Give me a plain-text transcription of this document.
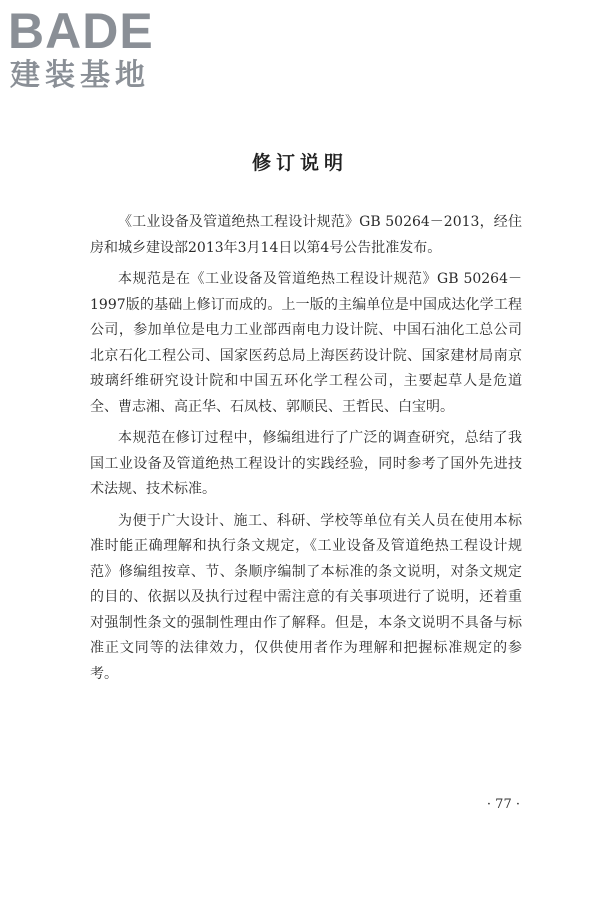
BADE
建装基地
修订说明

《工业设备及管道绝热工程设计规范》GB 50264－2013，经住房和城乡建设部2013年3月14日以第4号公告批准发布。

本规范是在《工业设备及管道绝热工程设计规范》GB 50264－1997版的基础上修订而成的。上一版的主编单位是中国成达化学工程公司，参加单位是电力工业部西南电力设计院、中国石油化工总公司北京石化工程公司、国家医药总局上海医药设计院、国家建材局南京玻璃纤维研究设计院和中国五环化学工程公司，主要起草人是危道全、曹志湘、高正华、石凤枝、郭顺民、王哲民、白宝明。

本规范在修订过程中，修编组进行了广泛的调查研究，总结了我国工业设备及管道绝热工程设计的实践经验，同时参考了国外先进技术法规、技术标准。

为便于广大设计、施工、科研、学校等单位有关人员在使用本标准时能正确理解和执行条文规定，《工业设备及管道绝热工程设计规范》修编组按章、节、条顺序编制了本标准的条文说明，对条文规定的目的、依据以及执行过程中需注意的有关事项进行了说明，还着重对强制性条文的强制性理由作了解释。但是，本条文说明不具备与标准正文同等的法律效力，仅供使用者作为理解和把握标准规定的参考。

· 77 ·
